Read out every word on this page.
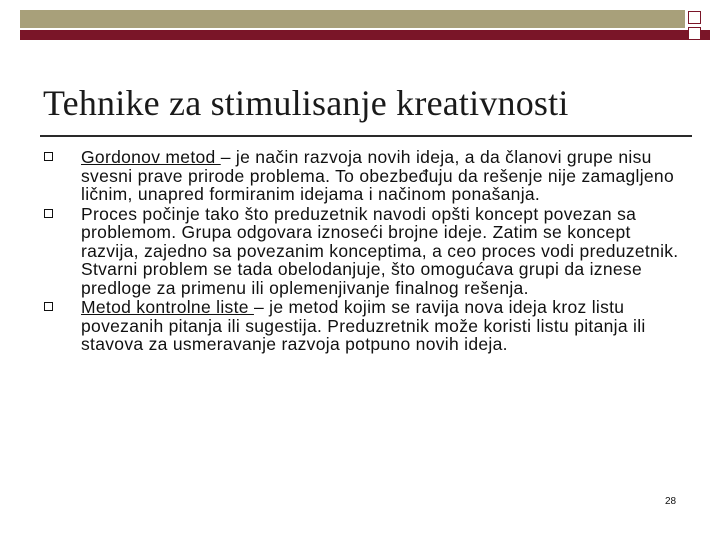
Tehnike za stimulisanje kreativnosti
Gordonov metod – je način razvoja novih ideja, a da članovi grupe nisu svesni prave prirode problema. To obezbeđuju da rešenje nije zamagljeno ličnim, unapred formiranim idejama i načinom ponašanja.
Proces počinje tako što preduzetnik navodi opšti koncept povezan sa problemom. Grupa odgovara iznoseći brojne ideje. Zatim se koncept razvija, zajedno sa povezanim konceptima, a ceo proces vodi preduzetnik. Stvarni problem se tada obelodanjuje, što omogućava grupi da iznese predloge za primenu ili oplemenjivanje finalnog rešenja.
Metod kontrolne liste – je metod kojim se ravija nova ideja kroz listu povezanih pitanja ili sugestija. Preduzretnik može koristi listu pitanja ili stavova za usmeravanje razvoja potpuno novih ideja.
28
